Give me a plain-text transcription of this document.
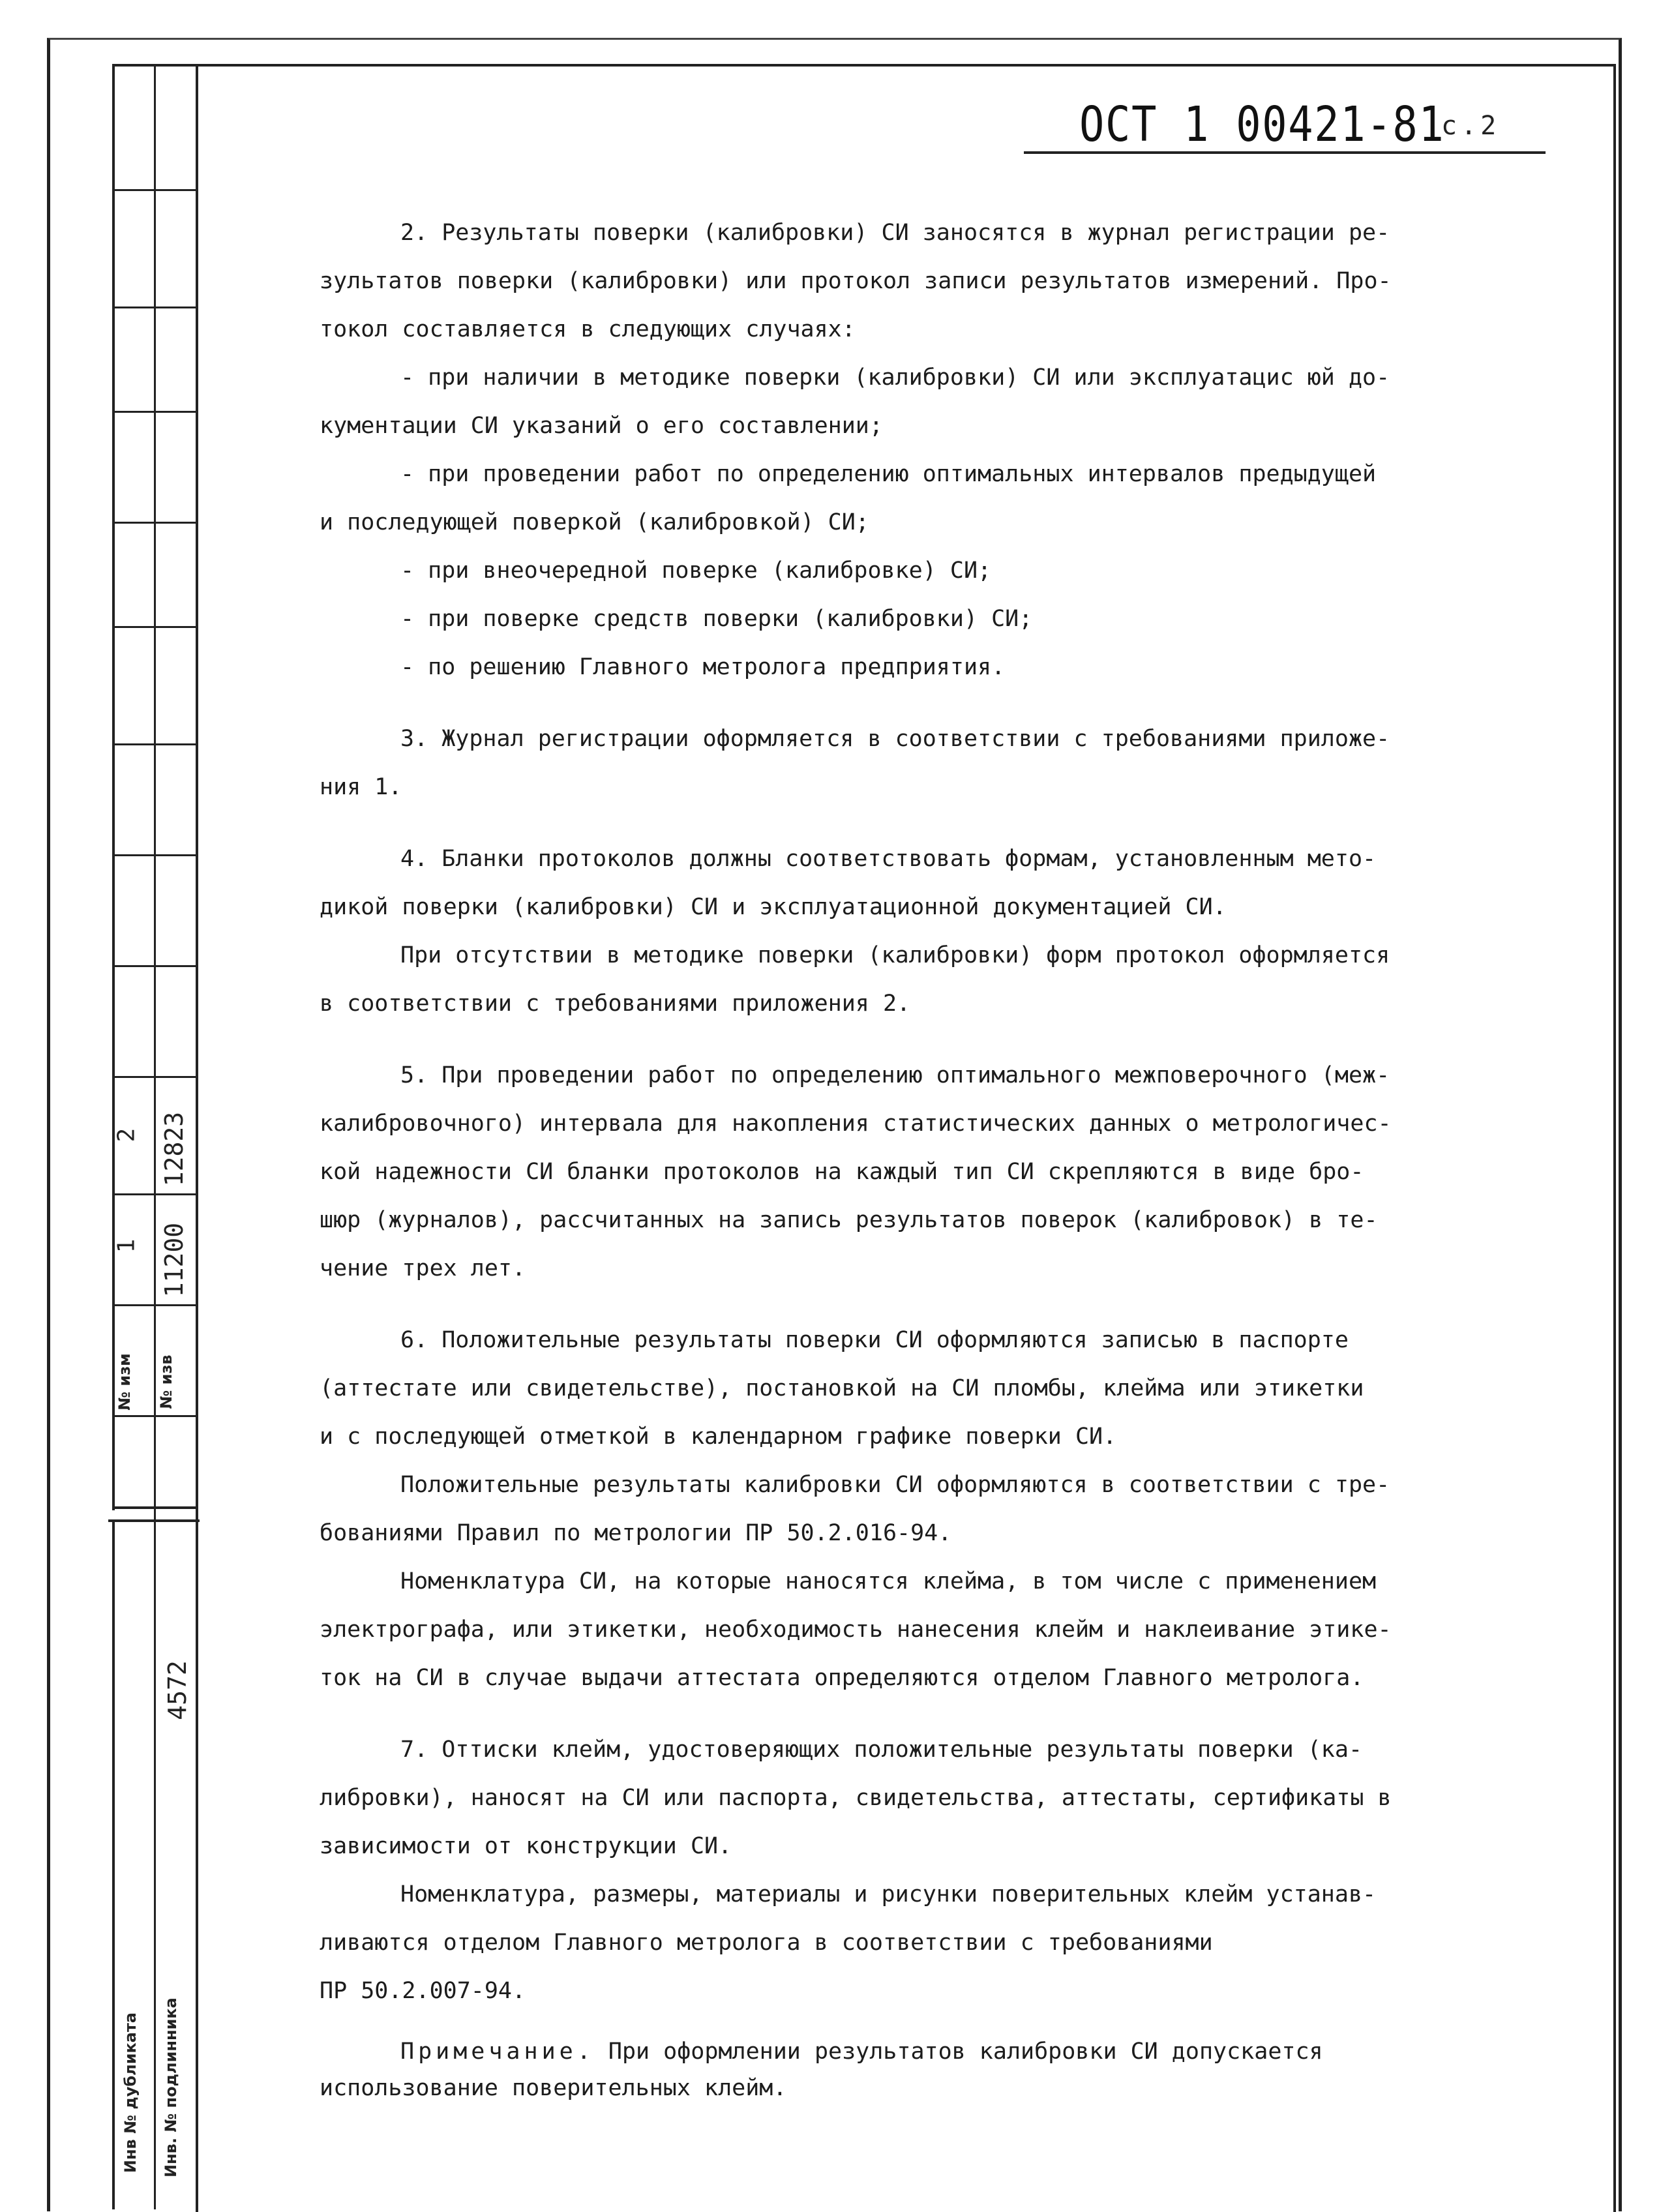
№ изм № изв
1
2
11200
12823
4572
Инв № дубликата Инв. № подлинника
ОСТ 1 00421-81
с.2

2. Результаты поверки (калибровки) СИ заносятся в журнал регистрации ре-

зультатов поверки (калибровки) или протокол записи результатов измерений. Про-

токол составляется в следующих случаях:

- при наличии в методике поверки (калибровки) СИ или эксплуатацис юй до-

кументации СИ указаний о его составлении;

- при проведении работ по определению оптимальных интервалов предыдущей

и последующей поверкой (калибровкой) СИ;

- при внеочередной поверке (калибровке) СИ;

- при поверке средств поверки (калибровки) СИ;

- по решению Главного метролога предприятия.

3. Журнал регистрации оформляется в соответствии с требованиями приложе-

ния 1.

4. Бланки протоколов должны соответствовать формам, установленным мето-

дикой поверки (калибровки) СИ и эксплуатационной документацией СИ.

При отсутствии в методике поверки (калибровки) форм протокол оформляется

в соответствии с требованиями приложения 2.

5. При проведении работ по определению оптимального межповерочного (меж-

калибровочного) интервала для накопления статистических данных о метрологичес-

кой надежности СИ бланки протоколов на каждый тип СИ скрепляются в виде бро-

шюр (журналов), рассчитанных на запись результатов поверок (калибровок) в те-

чение трех лет.

6. Положительные результаты поверки СИ оформляются записью в паспорте

(аттестате или свидетельстве), постановкой на СИ пломбы, клейма или этикетки

и с последующей отметкой в календарном графике поверки СИ.

Положительные результаты калибровки СИ оформляются в соответствии с тре-

бованиями Правил по метрологии ПР 50.2.016-94.

Номенклатура СИ, на которые наносятся клейма, в том числе с применением

электрографа, или этикетки, необходимость нанесения клейм и наклеивание этике-

ток на СИ в случае выдачи аттестата определяются отделом Главного метролога.

7. Оттиски клейм, удостоверяющих положительные результаты поверки (ка-

либровки), наносят на СИ или паспорта, свидетельства, аттестаты, сертификаты в

зависимости от конструкции СИ.

Номенклатура, размеры, материалы и рисунки поверительных клейм устанав-

ливаются отделом Главного метролога в соответствии с требованиями

ПР 50.2.007-94.

Примечание. При оформлении результатов калибровки СИ допускается

использование поверительных клейм.
